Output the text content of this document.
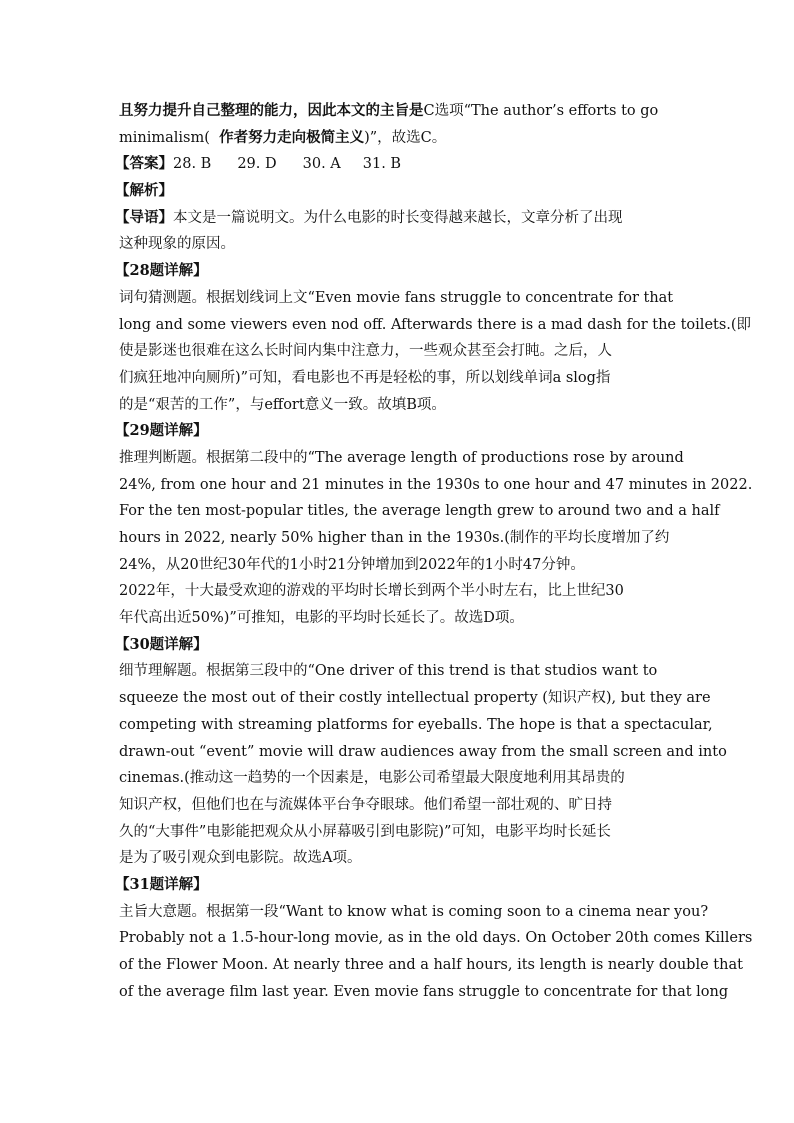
且努力提升自己整理的能力，因此本文的主旨是C选项“The author’s efforts to go
minimalism( 作者努力走向极简主义)”，故选C。
【答案】28. B 29. D 30. A 31. B
【解析】
【导语】本文是一篇说明文。为什么电影的时长变得越来越长，文章分析了出现
这种现象的原因。
【28题详解】
词句猜测题。根据划线词上文“Even movie fans struggle to concentrate for that
long and some viewers even nod off. Afterwards there is a mad dash for the toilets.(即
使是影迷也很难在这么长时间内集中注意力，一些观众甚至会打盹。之后，人
们疯狂地冲向厕所)”可知，看电影也不再是轻松的事，所以划线单词a slog指
的是“艰苦的工作”，与effort意义一致。故填B项。
【29题详解】
推理判断题。根据第二段中的“The average length of productions rose by around
24%, from one hour and 21 minutes in the 1930s to one hour and 47 minutes in 2022.
For the ten most-popular titles, the average length grew to around two and a half
hours in 2022, nearly 50% higher than in the 1930s.(制作的平均长度增加了约
24%，从20世纪30年代的1小时21分钟增加到2022年的1小时47分钟。
2022年，十大最受欢迎的游戏的平均时长增长到两个半小时左右，比上世纪30
年代高出近50%)”可推知，电影的平均时长延长了。故选D项。
【30题详解】
细节理解题。根据第三段中的“One driver of this trend is that studios want to
squeeze the most out of their costly intellectual property (知识产权), but they are
competing with streaming platforms for eyeballs. The hope is that a spectacular,
drawn-out “event” movie will draw audiences away from the small screen and into
cinemas.(推动这一趋势的一个因素是，电影公司希望最大限度地利用其昂贵的
知识产权，但他们也在与流媒体平台争夺眼球。他们希望一部壮观的、旷日持
久的“大事件”电影能把观众从小屏幕吸引到电影院)”可知，电影平均时长延长
是为了吸引观众到电影院。故选A项。
【31题详解】
主旨大意题。根据第一段“Want to know what is coming soon to a cinema near you?
Probably not a 1.5-hour-long movie, as in the old days. On October 20th comes Killers
of the Flower Moon. At nearly three and a half hours, its length is nearly double that
of the average film last year. Even movie fans struggle to concentrate for that long
